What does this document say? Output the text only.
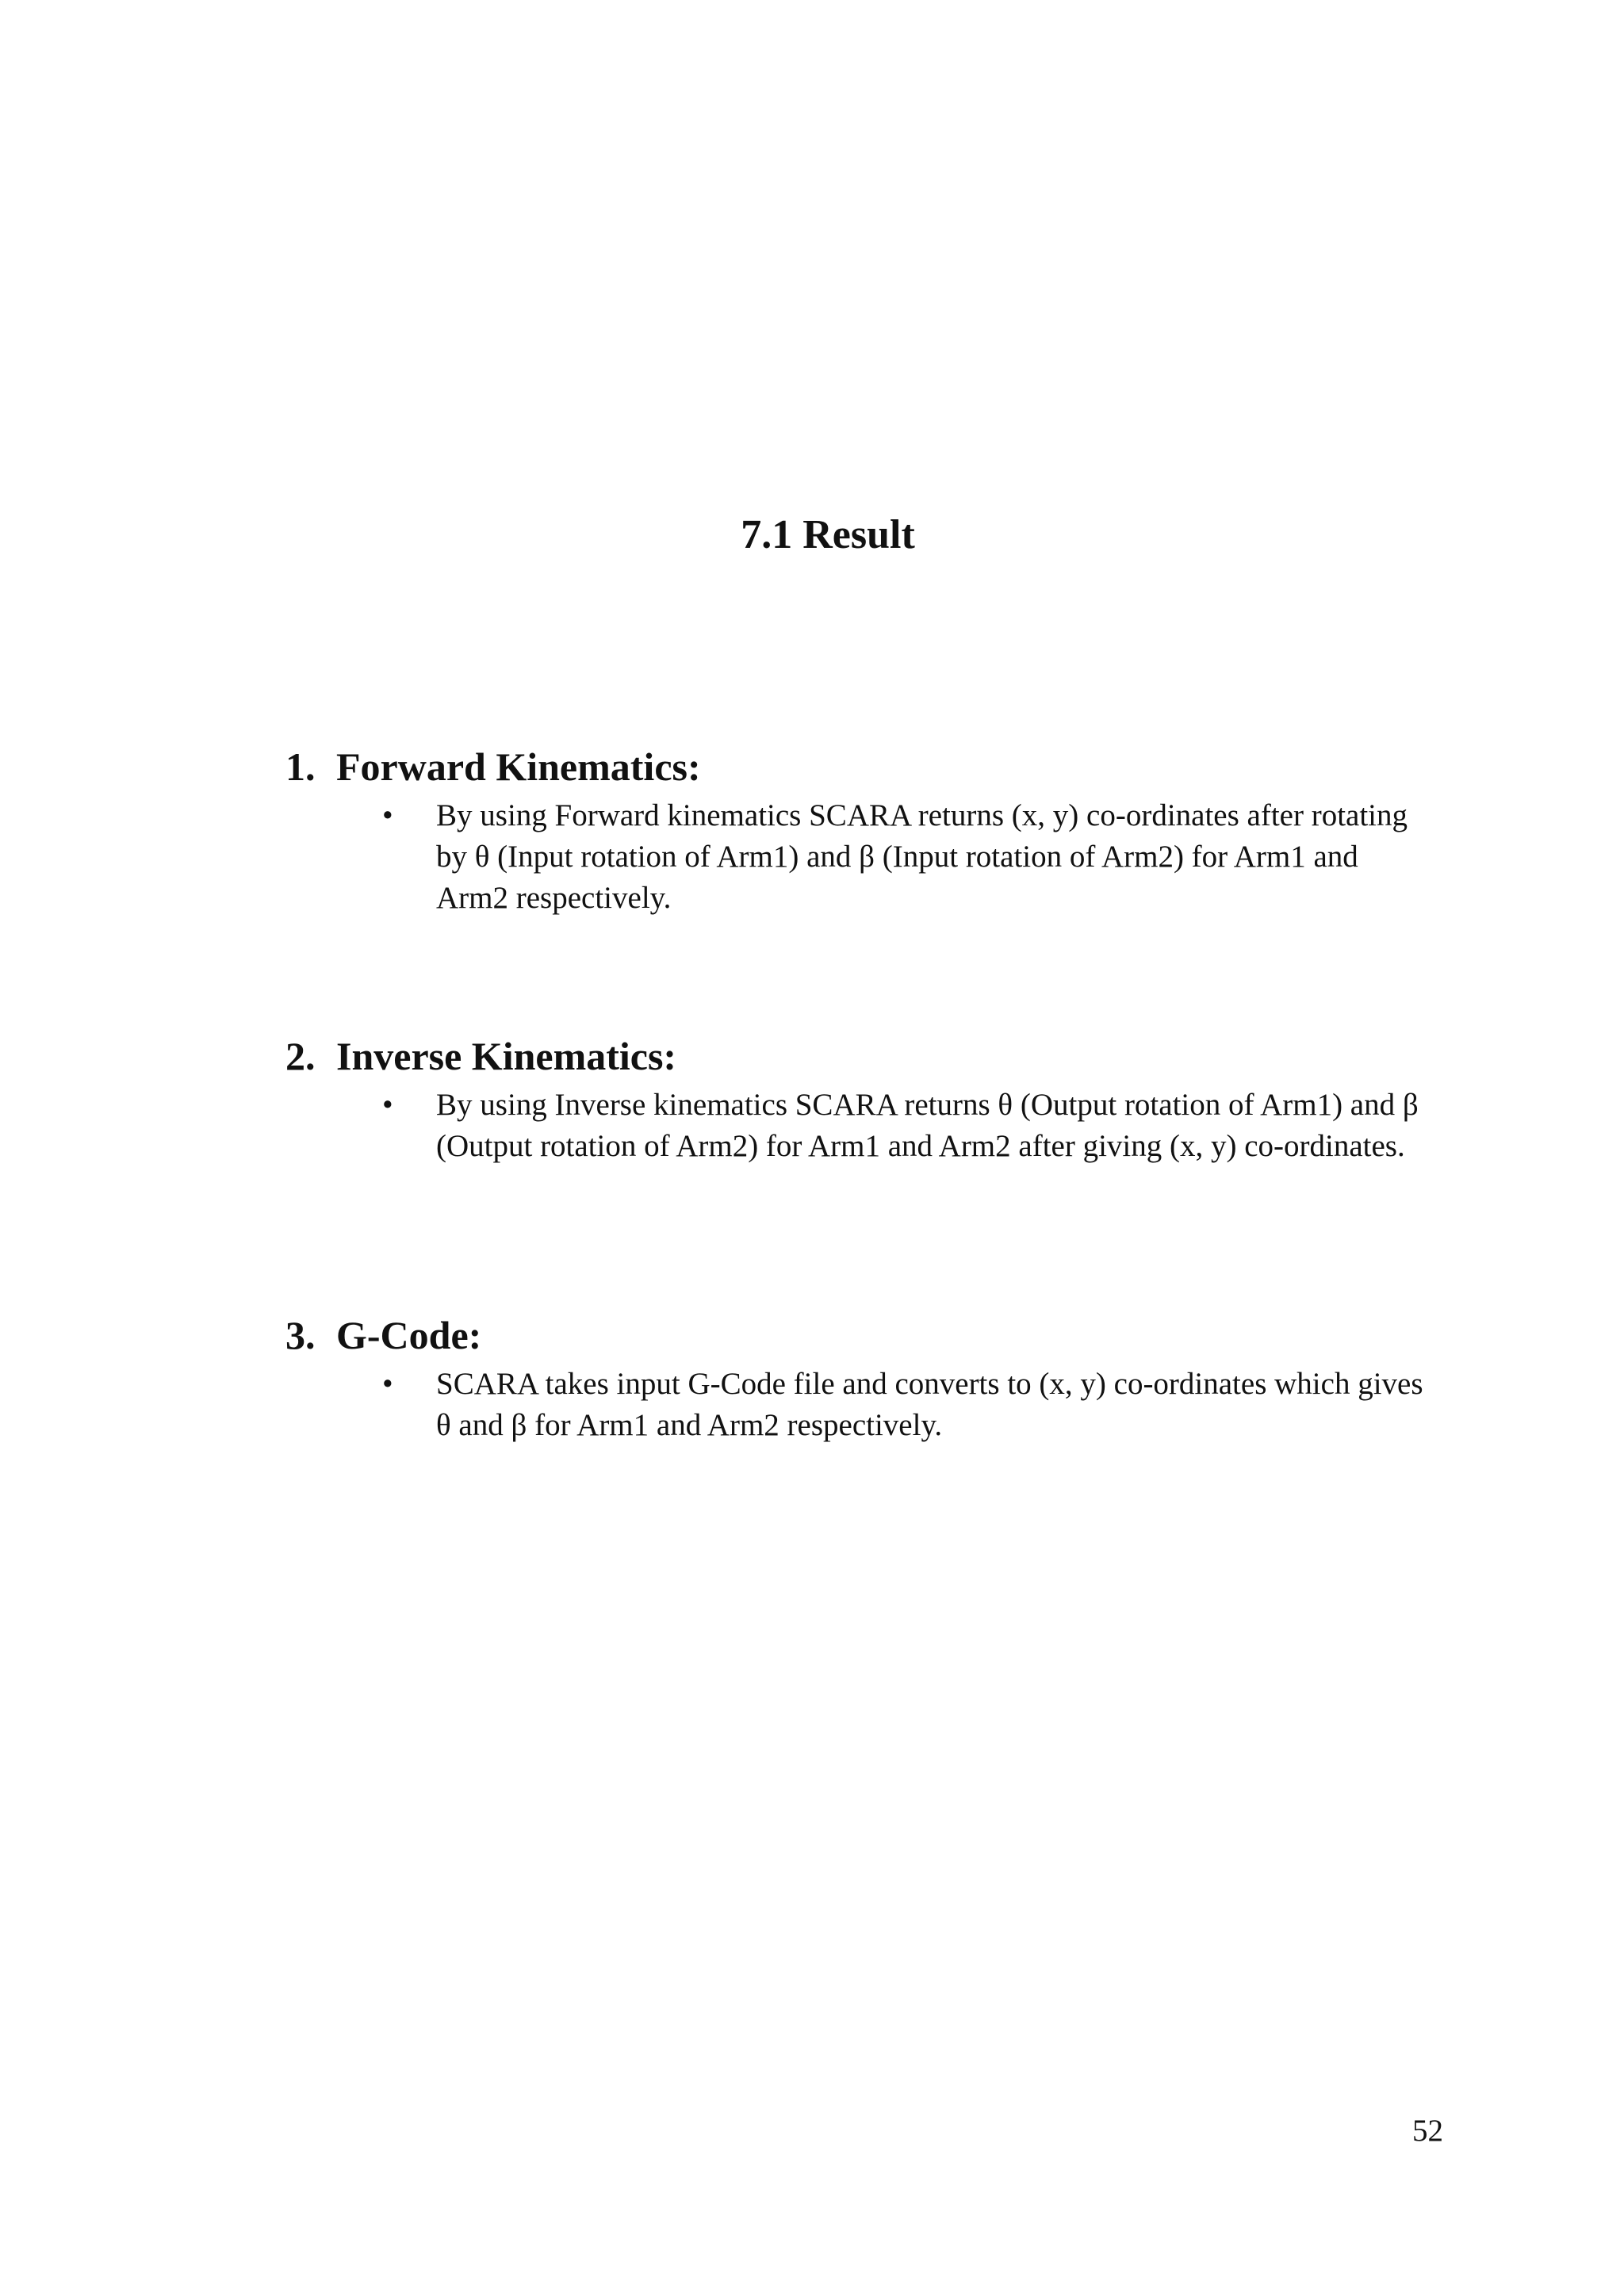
7.1 Result
1. Forward Kinematics:
• By using Forward kinematics SCARA returns (x, y) co-ordinates after rotating by θ (Input rotation of Arm1) and β (Input rotation of Arm2) for Arm1 and Arm2 respectively.
2. Inverse Kinematics:
• By using Inverse kinematics SCARA returns θ (Output rotation of Arm1) and β (Output rotation of Arm2) for Arm1 and Arm2 after giving (x, y) co-ordinates.
3. G-Code:
• SCARA takes input G-Code file and converts to (x, y) co-ordinates which gives θ and β for Arm1 and Arm2 respectively.
52
